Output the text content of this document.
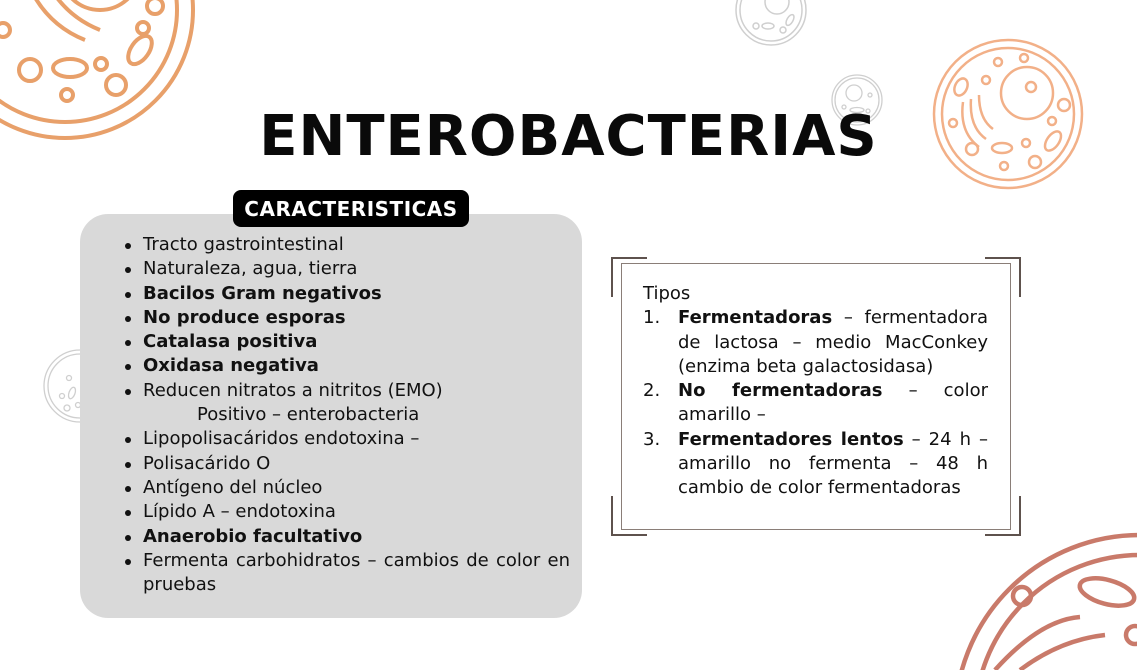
ENTEROBACTERIAS
CARACTERISTICAS
Tracto gastrointestinal
Naturaleza, agua, tierra
Bacilos Gram negativos
No produce esporas
Catalasa positiva
Oxidasa negativa
Reducen nitratos a nitritos (EMO)
Positivo – enterobacteria
Lipopolisacáridos endotoxina –
Polisacárido O
Antígeno del núcleo
Lípido A – endotoxina
Anaerobio facultativo
Fermenta carbohidratos – cambios de color en pruebas
Tipos
1. Fermentadoras – fermentadora de lactosa – medio MacConkey (enzima beta galactosidasa)
2. No fermentadoras – color amarillo –
3. Fermentadores lentos – 24 h – amarillo no fermenta – 48 h cambio de color fermentadoras
